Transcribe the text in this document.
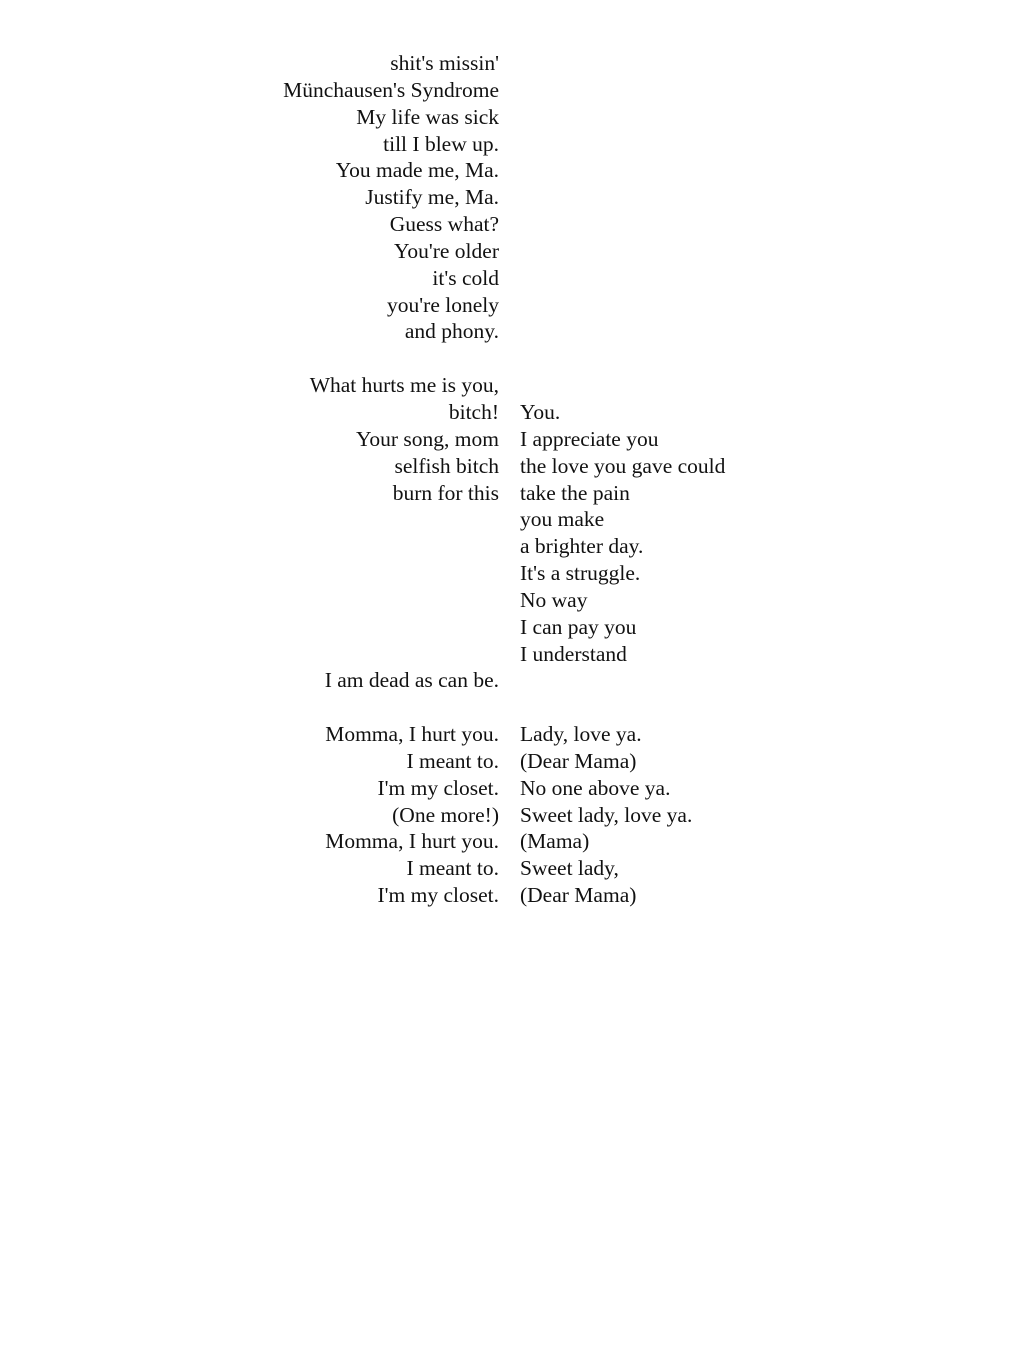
shit's missin'
Münchausen's Syndrome
My life was sick
till I blew up.
You made me, Ma.
Justify me, Ma.
Guess what?
You're older
it's cold
you're lonely
and phony.
What hurts me is you,
bitch! You.
Your song, mom I appreciate you
selfish bitch the love you gave could
burn for this take the pain
you make
a brighter day.
It's a struggle.
No way
I can pay you
I understand
I am dead as can be.
Momma, I hurt you. Lady, love ya.
I meant to. (Dear Mama)
I'm my closet. No one above ya.
(One more!) Sweet lady, love ya.
Momma, I hurt you. (Mama)
I meant to. Sweet lady,
I'm my closet. (Dear Mama)
